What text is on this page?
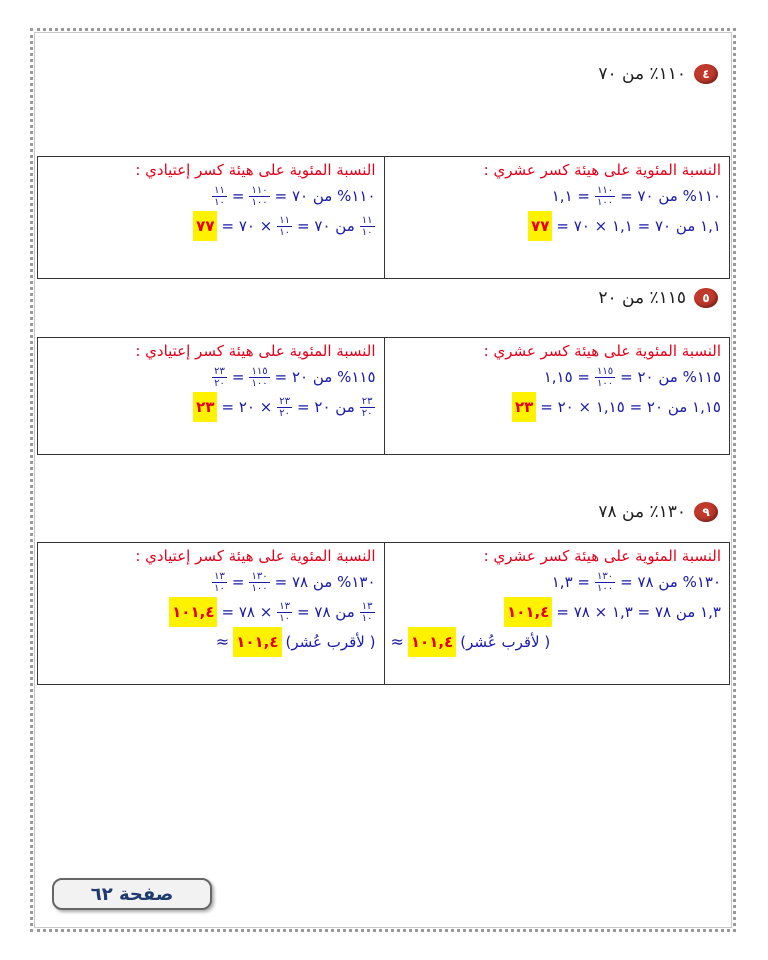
٤
١١٠٪ من ٧٠
النسبة المئوية على هيئة كسر عشري :
١١٠% من ٧٠ =
$\frac{١١٠}{١٠٠}$
= ١,١
١,١ من ٧٠ = ١,١ × ٧٠ =
٧٧
النسبة المئوية على هيئة كسر إعتيادي :
١١٠% من ٧٠ =
$\frac{١١٠}{١٠٠}$
=
$\frac{١١}{١٠}$
$\frac{١١}{١٠}$
من ٧٠ =
$\frac{١١}{١٠}$
× ٧٠ =
٧٧
٥
١١٥٪ من ٢٠
النسبة المئوية على هيئة كسر عشري :
١١٥% من ٢٠ =
$\frac{١١٥}{١٠٠}$
= ١,١٥
١,١٥ من ٢٠ = ١,١٥ × ٢٠ =
٢٣
النسبة المئوية على هيئة كسر إعتيادي :
١١٥% من ٢٠ =
$\frac{١١٥}{١٠٠}$
=
$\frac{٢٣}{٢٠}$
$\frac{٢٣}{٢٠}$
من ٢٠ =
$\frac{٢٣}{٢٠}$
× ٢٠ =
٢٣
٩
١٣٠٪ من ٧٨
النسبة المئوية على هيئة كسر عشري :
١٣٠% من ٧٨ =
$\frac{١٣٠}{١٠٠}$
= ١,٣
١,٣ من ٧٨ = ١,٣ × ٧٨ =
١٠١,٤
( لأقرب عُشر)
١٠١,٤
≈
النسبة المئوية على هيئة كسر إعتيادي :
١٣٠% من ٧٨ =
$\frac{١٣٠}{١٠٠}$
=
$\frac{١٣}{١٠}$
$\frac{١٣}{١٠}$
من ٧٨ =
$\frac{١٣}{١٠}$
× ٧٨ =
١٠١,٤
( لأقرب عُشر)
١٠١,٤
≈
صفحة ٦٢
